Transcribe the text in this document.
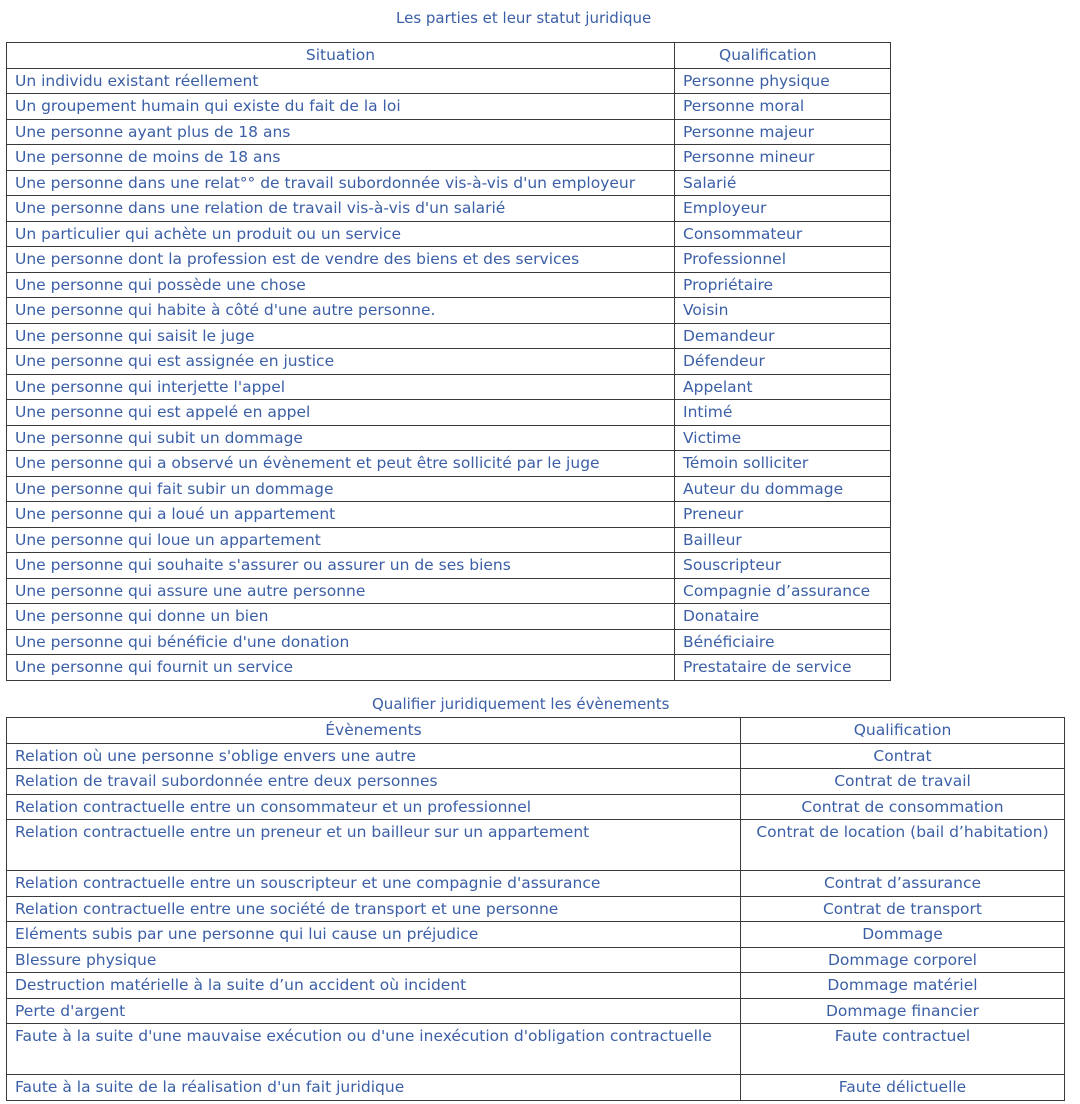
Les parties et leur statut juridique
Situation	Qualification
Un individu existant réellement	Personne physique
Un groupement humain qui existe du fait de la loi	Personne moral
Une personne ayant plus de 18 ans	Personne majeur
Une personne de moins de 18 ans	Personne mineur
Une personne dans une relat°° de travail subordonnée vis-à-vis d'un employeur	Salarié
Une personne dans une relation de travail vis-à-vis d'un salarié	Employeur
Un particulier qui achète un produit ou un service	Consommateur
Une personne dont la profession est de vendre des biens et des services	Professionnel
Une personne qui possède une chose	Propriétaire
Une personne qui habite à côté d'une autre personne.	Voisin
Une personne qui saisit le juge	Demandeur
Une personne qui est assignée en justice	Défendeur
Une personne qui interjette l'appel	Appelant
Une personne qui est appelé en appel	Intimé
Une personne qui subit un dommage	Victime
Une personne qui a observé un évènement et peut être sollicité par le juge	Témoin solliciter
Une personne qui fait subir un dommage	Auteur du dommage
Une personne qui a loué un appartement	Preneur
Une personne qui loue un appartement	Bailleur
Une personne qui souhaite s'assurer ou assurer un de ses biens	Souscripteur
Une personne qui assure une autre personne	Compagnie d’assurance
Une personne qui donne un bien	Donataire
Une personne qui bénéficie d'une donation	Bénéficiaire
Une personne qui fournit un service	Prestataire de service
Qualifier juridiquement les évènements
Évènements	Qualification
Relation où une personne s'oblige envers une autre	Contrat
Relation de travail subordonnée entre deux personnes	Contrat de travail
Relation contractuelle entre un consommateur et un professionnel	Contrat de consommation
Relation contractuelle entre un preneur et un bailleur sur un appartement	Contrat de location (bail d’habitation)
Relation contractuelle entre un souscripteur et une compagnie d'assurance	Contrat d’assurance
Relation contractuelle entre une société de transport et une personne	Contrat de transport
Eléments subis par une personne qui lui cause un préjudice	Dommage
Blessure physique	Dommage corporel
Destruction matérielle à la suite d’un accident où incident	Dommage matériel
Perte d'argent	Dommage financier
Faute à la suite d'une mauvaise exécution ou d'une inexécution d'obligation contractuelle	Faute contractuel
Faute à la suite de la réalisation d'un fait juridique	Faute délictuelle
